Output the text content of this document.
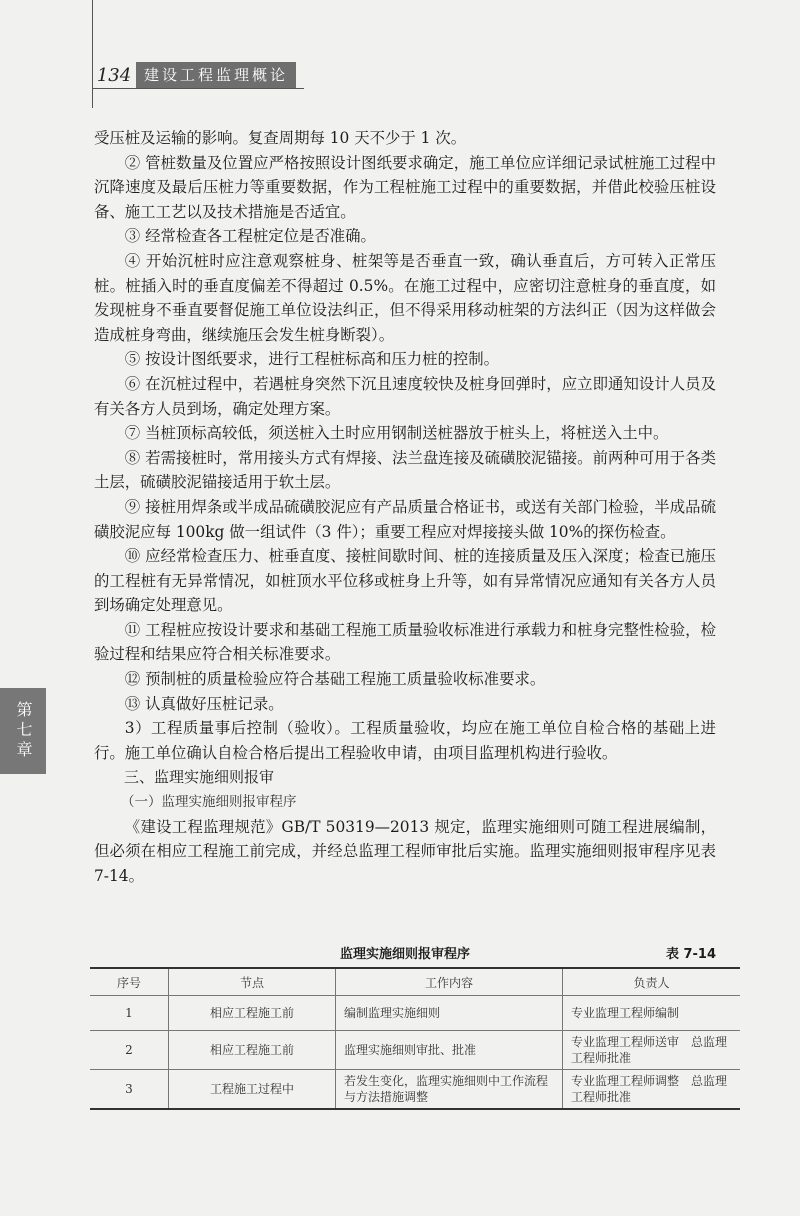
134 建设工程监理概论
第七章

受压桩及运输的影响。复查周期每 10 天不少于 1 次。

② 管桩数量及位置应严格按照设计图纸要求确定，施工单位应详细记录试桩施工过程中沉降速度及最后压桩力等重要数据，作为工程桩施工过程中的重要数据，并借此校验压桩设备、施工工艺以及技术措施是否适宜。

③ 经常检查各工程桩定位是否准确。

④ 开始沉桩时应注意观察桩身、桩架等是否垂直一致，确认垂直后，方可转入正常压桩。桩插入时的垂直度偏差不得超过 0.5%。在施工过程中，应密切注意桩身的垂直度，如发现桩身不垂直要督促施工单位设法纠正，但不得采用移动桩架的方法纠正（因为这样做会造成桩身弯曲，继续施压会发生桩身断裂）。

⑤ 按设计图纸要求，进行工程桩标高和压力桩的控制。

⑥ 在沉桩过程中，若遇桩身突然下沉且速度较快及桩身回弹时，应立即通知设计人员及有关各方人员到场，确定处理方案。

⑦ 当桩顶标高较低，须送桩入土时应用钢制送桩器放于桩头上，将桩送入土中。

⑧ 若需接桩时，常用接头方式有焊接、法兰盘连接及硫磺胶泥锚接。前两种可用于各类土层，硫磺胶泥锚接适用于软土层。

⑨ 接桩用焊条或半成品硫磺胶泥应有产品质量合格证书，或送有关部门检验，半成品硫磺胶泥应每 100kg 做一组试件（3 件）；重要工程应对焊接接头做 10%的探伤检查。

⑩ 应经常检查压力、桩垂直度、接桩间歇时间、桩的连接质量及压入深度；检查已施压的工程桩有无异常情况，如桩顶水平位移或桩身上升等，如有异常情况应通知有关各方人员到场确定处理意见。

⑪ 工程桩应按设计要求和基础工程施工质量验收标准进行承载力和桩身完整性检验，检验过程和结果应符合相关标准要求。

⑫ 预制桩的质量检验应符合基础工程施工质量验收标准要求。

⑬ 认真做好压桩记录。

3）工程质量事后控制（验收）。工程质量验收，均应在施工单位自检合格的基础上进行。施工单位确认自检合格后提出工程验收申请，由项目监理机构进行验收。

三、监理实施细则报审

（一）监理实施细则报审程序

《建设工程监理规范》GB/T 50319—2013 规定，监理实施细则可随工程进展编制，但必须在相应工程施工前完成，并经总监理工程师审批后实施。监理实施细则报审程序见表 7-14。

监理实施细则报审程序	表 7-14
序号	节点	工作内容	负责人
1	相应工程施工前	编制监理实施细则	专业监理工程师编制
2	相应工程施工前	监理实施细则审批、批准	专业监理工程师送审　总监理工程师批准
3	工程施工过程中	若发生变化，监理实施细则中工作流程与方法措施调整	专业监理工程师调整　总监理工程师批准
